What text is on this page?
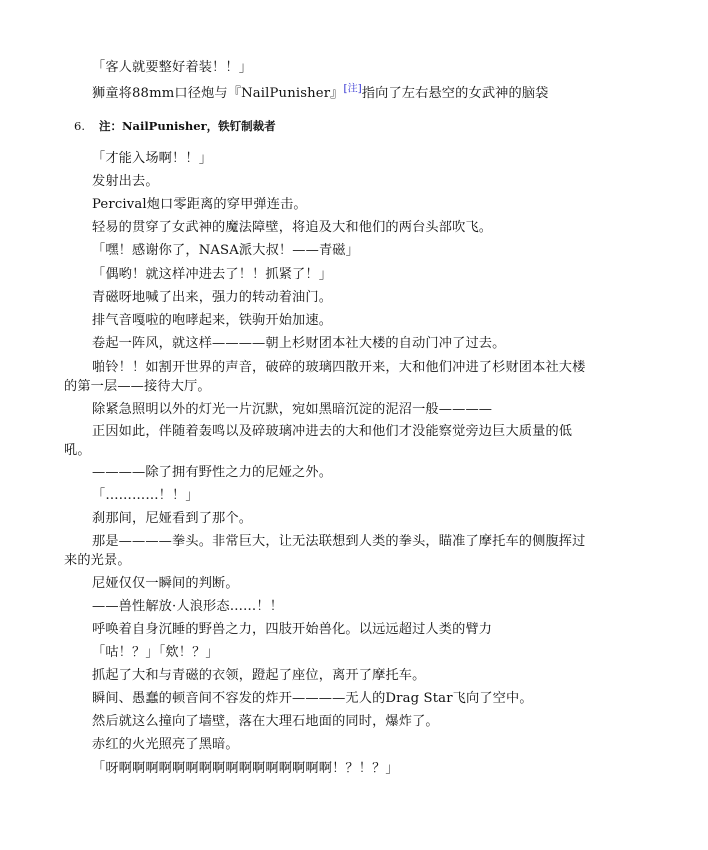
「客人就要整好着装！！」
狮童将88mm口径炮与『NailPunisher』[注]指向了左右悬空的女武神的脑袋
6. 注：NailPunisher，铁钉制裁者
「才能入场啊！！」
发射出去。
Percival炮口零距离的穿甲弹连击。
轻易的贯穿了女武神的魔法障壁，将追及大和他们的两台头部吹飞。
「嘿！感谢你了，NASA派大叔！——青磁」
「偶哟！就这样冲进去了！！抓紧了！」
青磁呀地喊了出来，强力的转动着油门。
排气音嘎啦的咆哮起来，铁驹开始加速。
卷起一阵风，就这样————朝上杉财团本社大楼的自动门冲了过去。
啪铃！！如割开世界的声音，破碎的玻璃四散开来，大和他们冲进了杉财团本社大楼的第一层——接待大厅。
除紧急照明以外的灯光一片沉默，宛如黑暗沉淀的泥沼一般————
正因如此，伴随着轰鸣以及碎玻璃冲进去的大和他们才没能察觉旁边巨大质量的低吼。
————除了拥有野性之力的尼娅之外。
「…………！！」
刹那间，尼娅看到了那个。
那是————拳头。非常巨大，让无法联想到人类的拳头，瞄准了摩托车的侧腹挥过来的光景。
尼娅仅仅一瞬间的判断。
——兽性解放·人浪形态……！！
呼唤着自身沉睡的野兽之力，四肢开始兽化。以远远超过人类的臂力
「咕！？」「欸！？」
抓起了大和与青磁的衣领，蹬起了座位，离开了摩托车。
瞬间、愚蠢的顿音间不容发的炸开————无人的Drag Star飞向了空中。
然后就这么撞向了墙壁，落在大理石地面的同时，爆炸了。
赤红的火光照亮了黑暗。
「呀啊啊啊啊啊啊啊啊啊啊啊啊啊啊啊啊！？！？」
